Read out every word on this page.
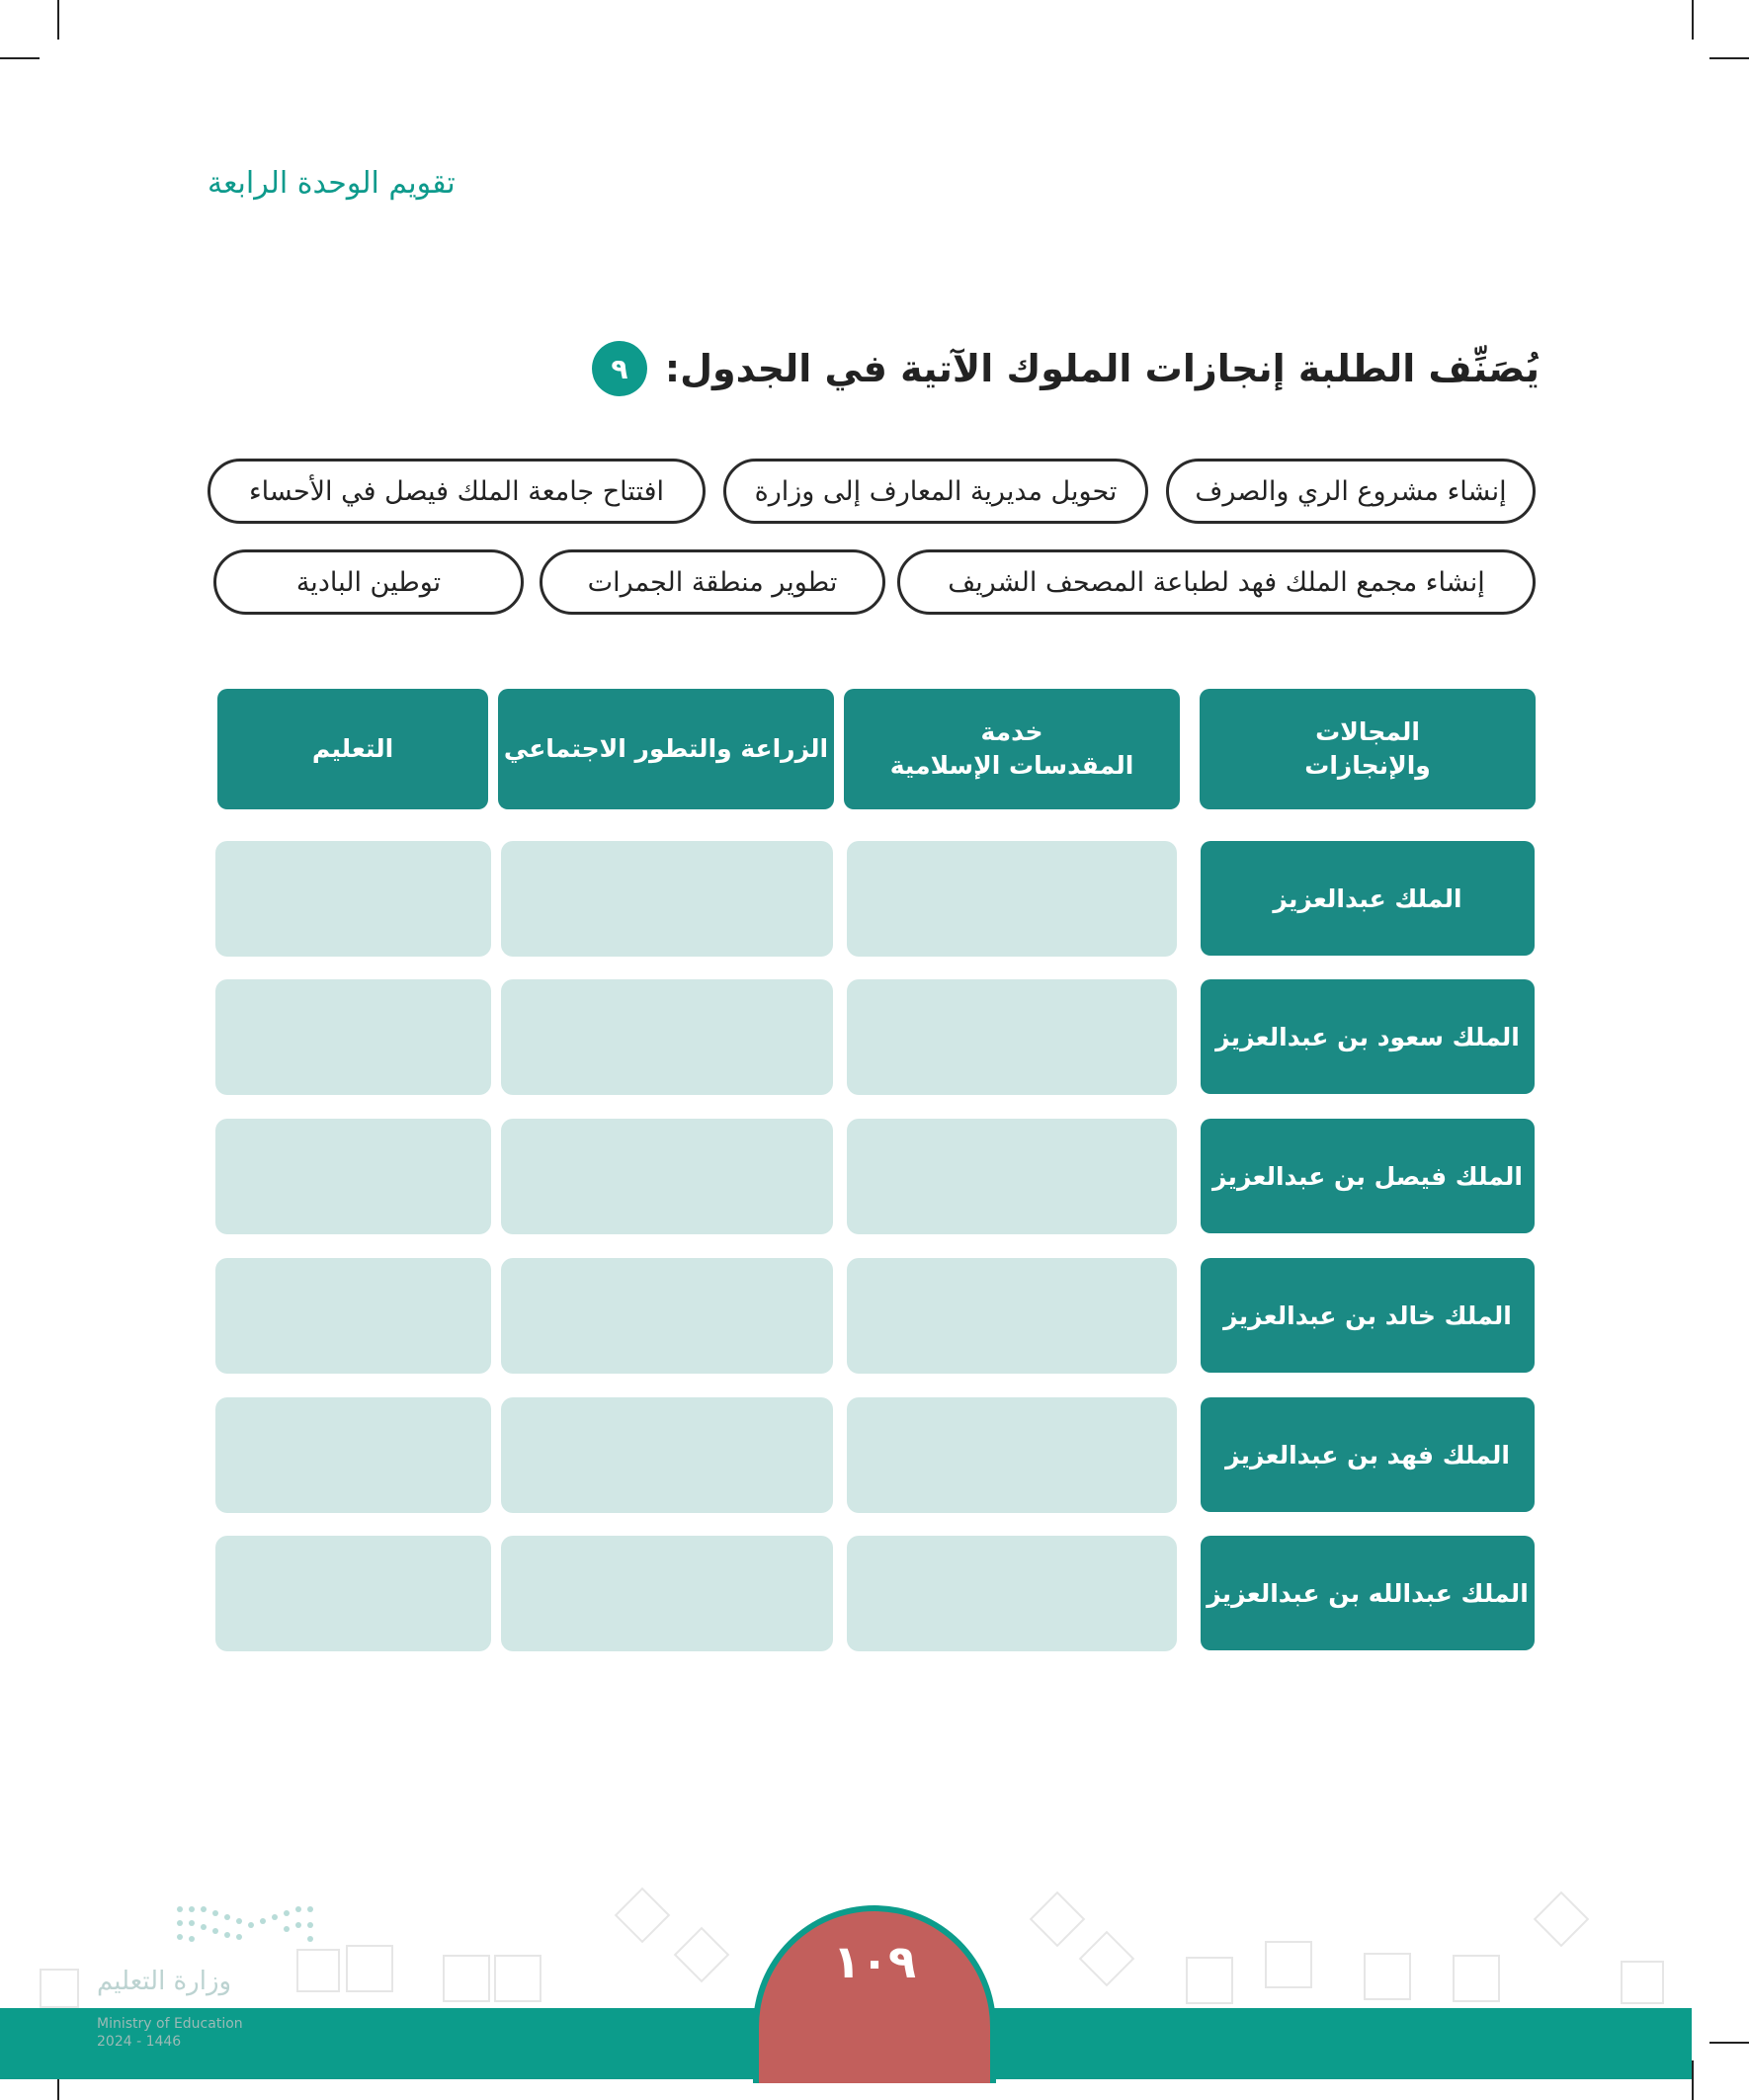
تقويم الوحدة الرابعة
٩ يُصَنِّف الطلبة إنجازات الملوك الآتية في الجدول:
إنشاء مشروع الري والصرف
تحويل مديرية المعارف إلى وزارة
افتتاح جامعة الملك فيصل في الأحساء
إنشاء مجمع الملك فهد لطباعة المصحف الشريف
تطوير منطقة الجمرات
توطين البادية
المجالات
والإنجازات
خدمة
المقدسات الإسلامية
الزراعة والتطور الاجتماعي
التعليم
الملك عبدالعزيز
الملك سعود بن عبدالعزيز
الملك فيصل بن عبدالعزيز
الملك خالد بن عبدالعزيز
الملك فهد بن عبدالعزيز
الملك عبدالله بن عبدالعزيز
١٠٩
وزارة التعليم
Ministry of Education
2024 - 1446
